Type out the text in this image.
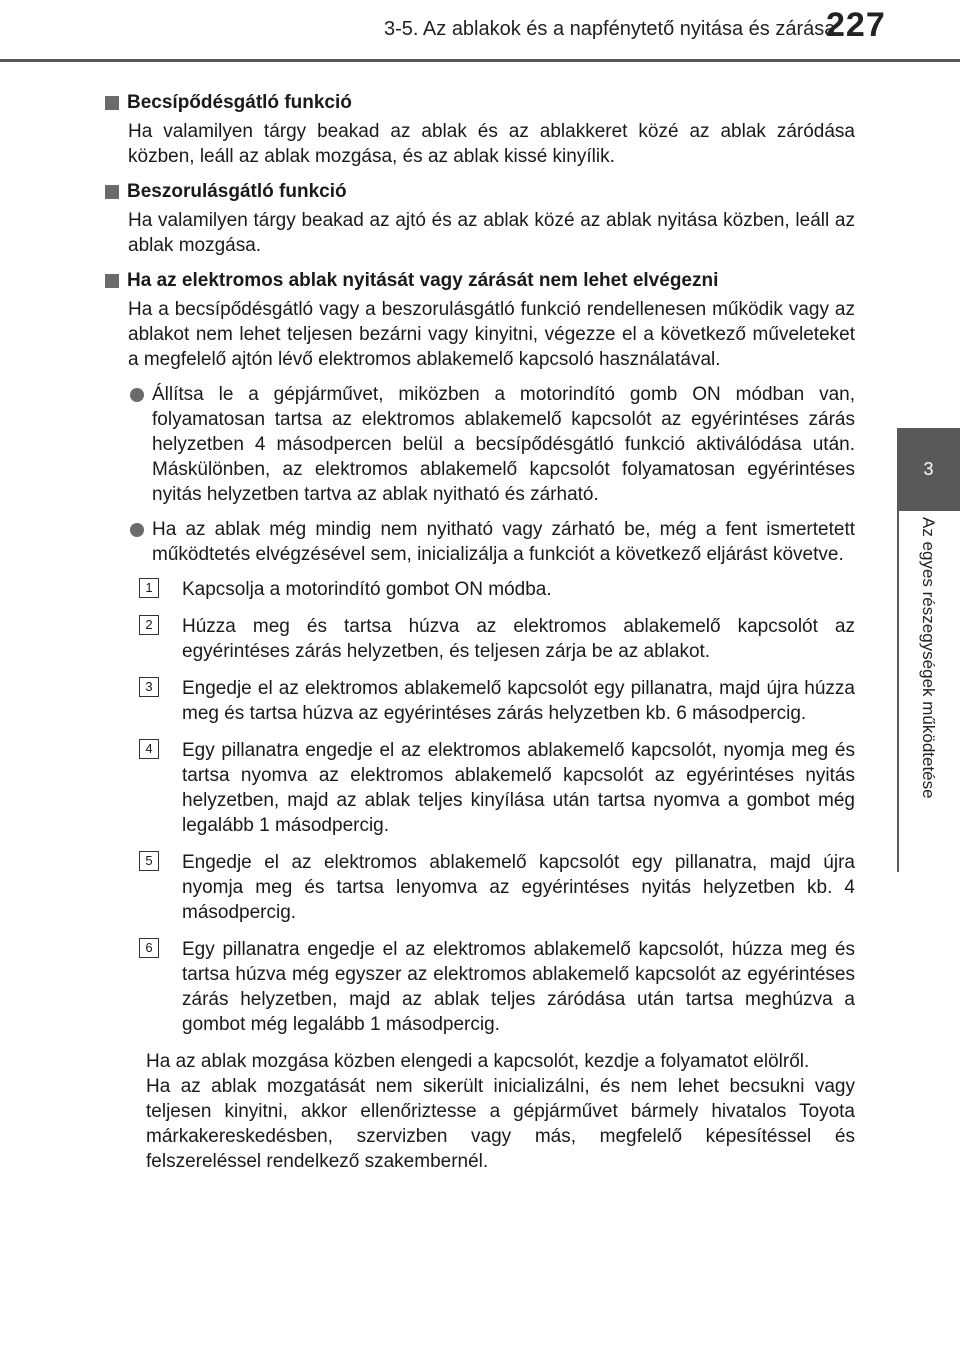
3-5. Az ablakok és a napfénytető nyitása és zárása
227
3
Az egyes részegységek működtetése
Becsípődésgátló funkció

Ha valamilyen tárgy beakad az ablak és az ablakkeret közé az ablak záródása közben, leáll az ablak mozgása, és az ablak kissé kinyílik.

Beszorulásgátló funkció

Ha valamilyen tárgy beakad az ajtó és az ablak közé az ablak nyitása közben, leáll az ablak mozgása.

Ha az elektromos ablak nyitását vagy zárását nem lehet elvégezni

Ha a becsípődésgátló vagy a beszorulásgátló funkció rendellenesen működik vagy az ablakot nem lehet teljesen bezárni vagy kinyitni, végezze el a következő műveleteket a megfelelő ajtón lévő elektromos ablakemelő kapcsoló használatával.

Állítsa le a gépjárművet, miközben a motorindító gomb ON módban van, folyamatosan tartsa az elektromos ablakemelő kapcsolót az egyérintéses zárás helyzetben 4 másodpercen belül a becsípődésgátló funkció aktiválódása után. Máskülönben, az elektromos ablakemelő kapcsolót folyamatosan egyérintéses nyitás helyzetben tartva az ablak nyitható és zárható.
Ha az ablak még mindig nem nyitható vagy zárható be, még a fent ismertetett működtetés elvégzésével sem, inicializálja a funkciót a következő eljárást követve.
1	Kapcsolja a motorindító gombot ON módba.
2	Húzza meg és tartsa húzva az elektromos ablakemelő kapcsolót az egyérintéses zárás helyzetben, és teljesen zárja be az ablakot.
3	Engedje el az elektromos ablakemelő kapcsolót egy pillanatra, majd újra húzza meg és tartsa húzva az egyérintéses zárás helyzetben kb. 6 másodpercig.
4	Egy pillanatra engedje el az elektromos ablakemelő kapcsolót, nyomja meg és tartsa nyomva az elektromos ablakemelő kapcsolót az egyérintéses nyitás helyzetben, majd az ablak teljes kinyílása után tartsa nyomva a gombot még legalább 1 másodpercig.
5	Engedje el az elektromos ablakemelő kapcsolót egy pillanatra, majd újra nyomja meg és tartsa lenyomva az egyérintéses nyitás helyzetben kb. 4 másodpercig.
6	Egy pillanatra engedje el az elektromos ablakemelő kapcsolót, húzza meg és tartsa húzva még egyszer az elektromos ablakemelő kapcsolót az egyérintéses zárás helyzetben, majd az ablak teljes záródása után tartsa meghúzva a gombot még legalább 1 másodpercig.

Ha az ablak mozgása közben elengedi a kapcsolót, kezdje a folyamatot elölről.

Ha az ablak mozgatását nem sikerült inicializálni, és nem lehet becsukni vagy teljesen kinyitni, akkor ellenőriztesse a gépjárművet bármely hivatalos Toyota márkakereskedésben, szervizben vagy más, megfelelő képesítéssel és felszereléssel rendelkező szakembernél.
